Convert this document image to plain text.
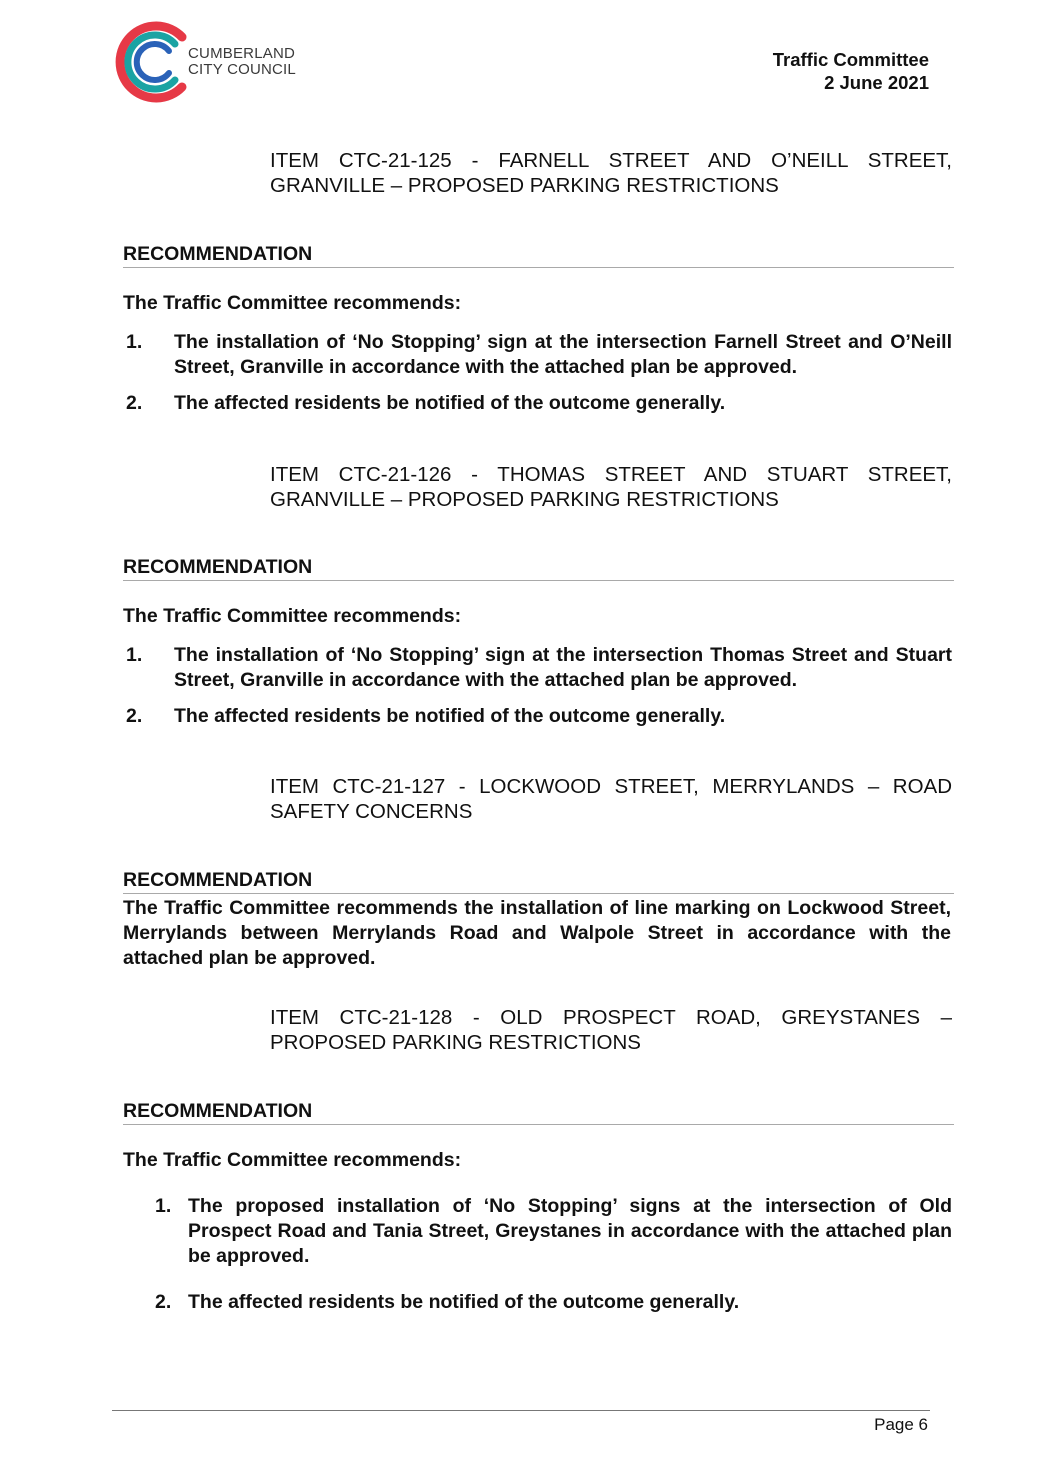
CUMBERLAND
CITY COUNCIL	Traffic Committee
2 June 2021
ITEM CTC-21-125 - FARNELL STREET AND O’NEILL STREET,
GRANVILLE – PROPOSED PARKING RESTRICTIONS
RECOMMENDATION
The Traffic Committee recommends:
1. The installation of ‘No Stopping’ sign at the intersection Farnell Street and O’Neill Street, Granville in accordance with the attached plan be approved.
2. The affected residents be notified of the outcome generally.
ITEM CTC-21-126 - THOMAS STREET AND STUART STREET,
GRANVILLE – PROPOSED PARKING RESTRICTIONS
RECOMMENDATION
The Traffic Committee recommends:
1. The installation of ‘No Stopping’ sign at the intersection Thomas Street and Stuart Street, Granville in accordance with the attached plan be approved.
2. The affected residents be notified of the outcome generally.
ITEM CTC-21-127 - LOCKWOOD STREET, MERRYLANDS – ROAD
SAFETY CONCERNS
RECOMMENDATION
The Traffic Committee recommends the installation of line marking on Lockwood Street, Merrylands between Merrylands Road and Walpole Street in accordance with the attached plan be approved.
ITEM CTC-21-128 - OLD PROSPECT ROAD, GREYSTANES –
PROPOSED PARKING RESTRICTIONS
RECOMMENDATION
The Traffic Committee recommends:
1. The proposed installation of ‘No Stopping’ signs at the intersection of Old Prospect Road and Tania Street, Greystanes in accordance with the attached plan be approved.
2. The affected residents be notified of the outcome generally.
Page 6
